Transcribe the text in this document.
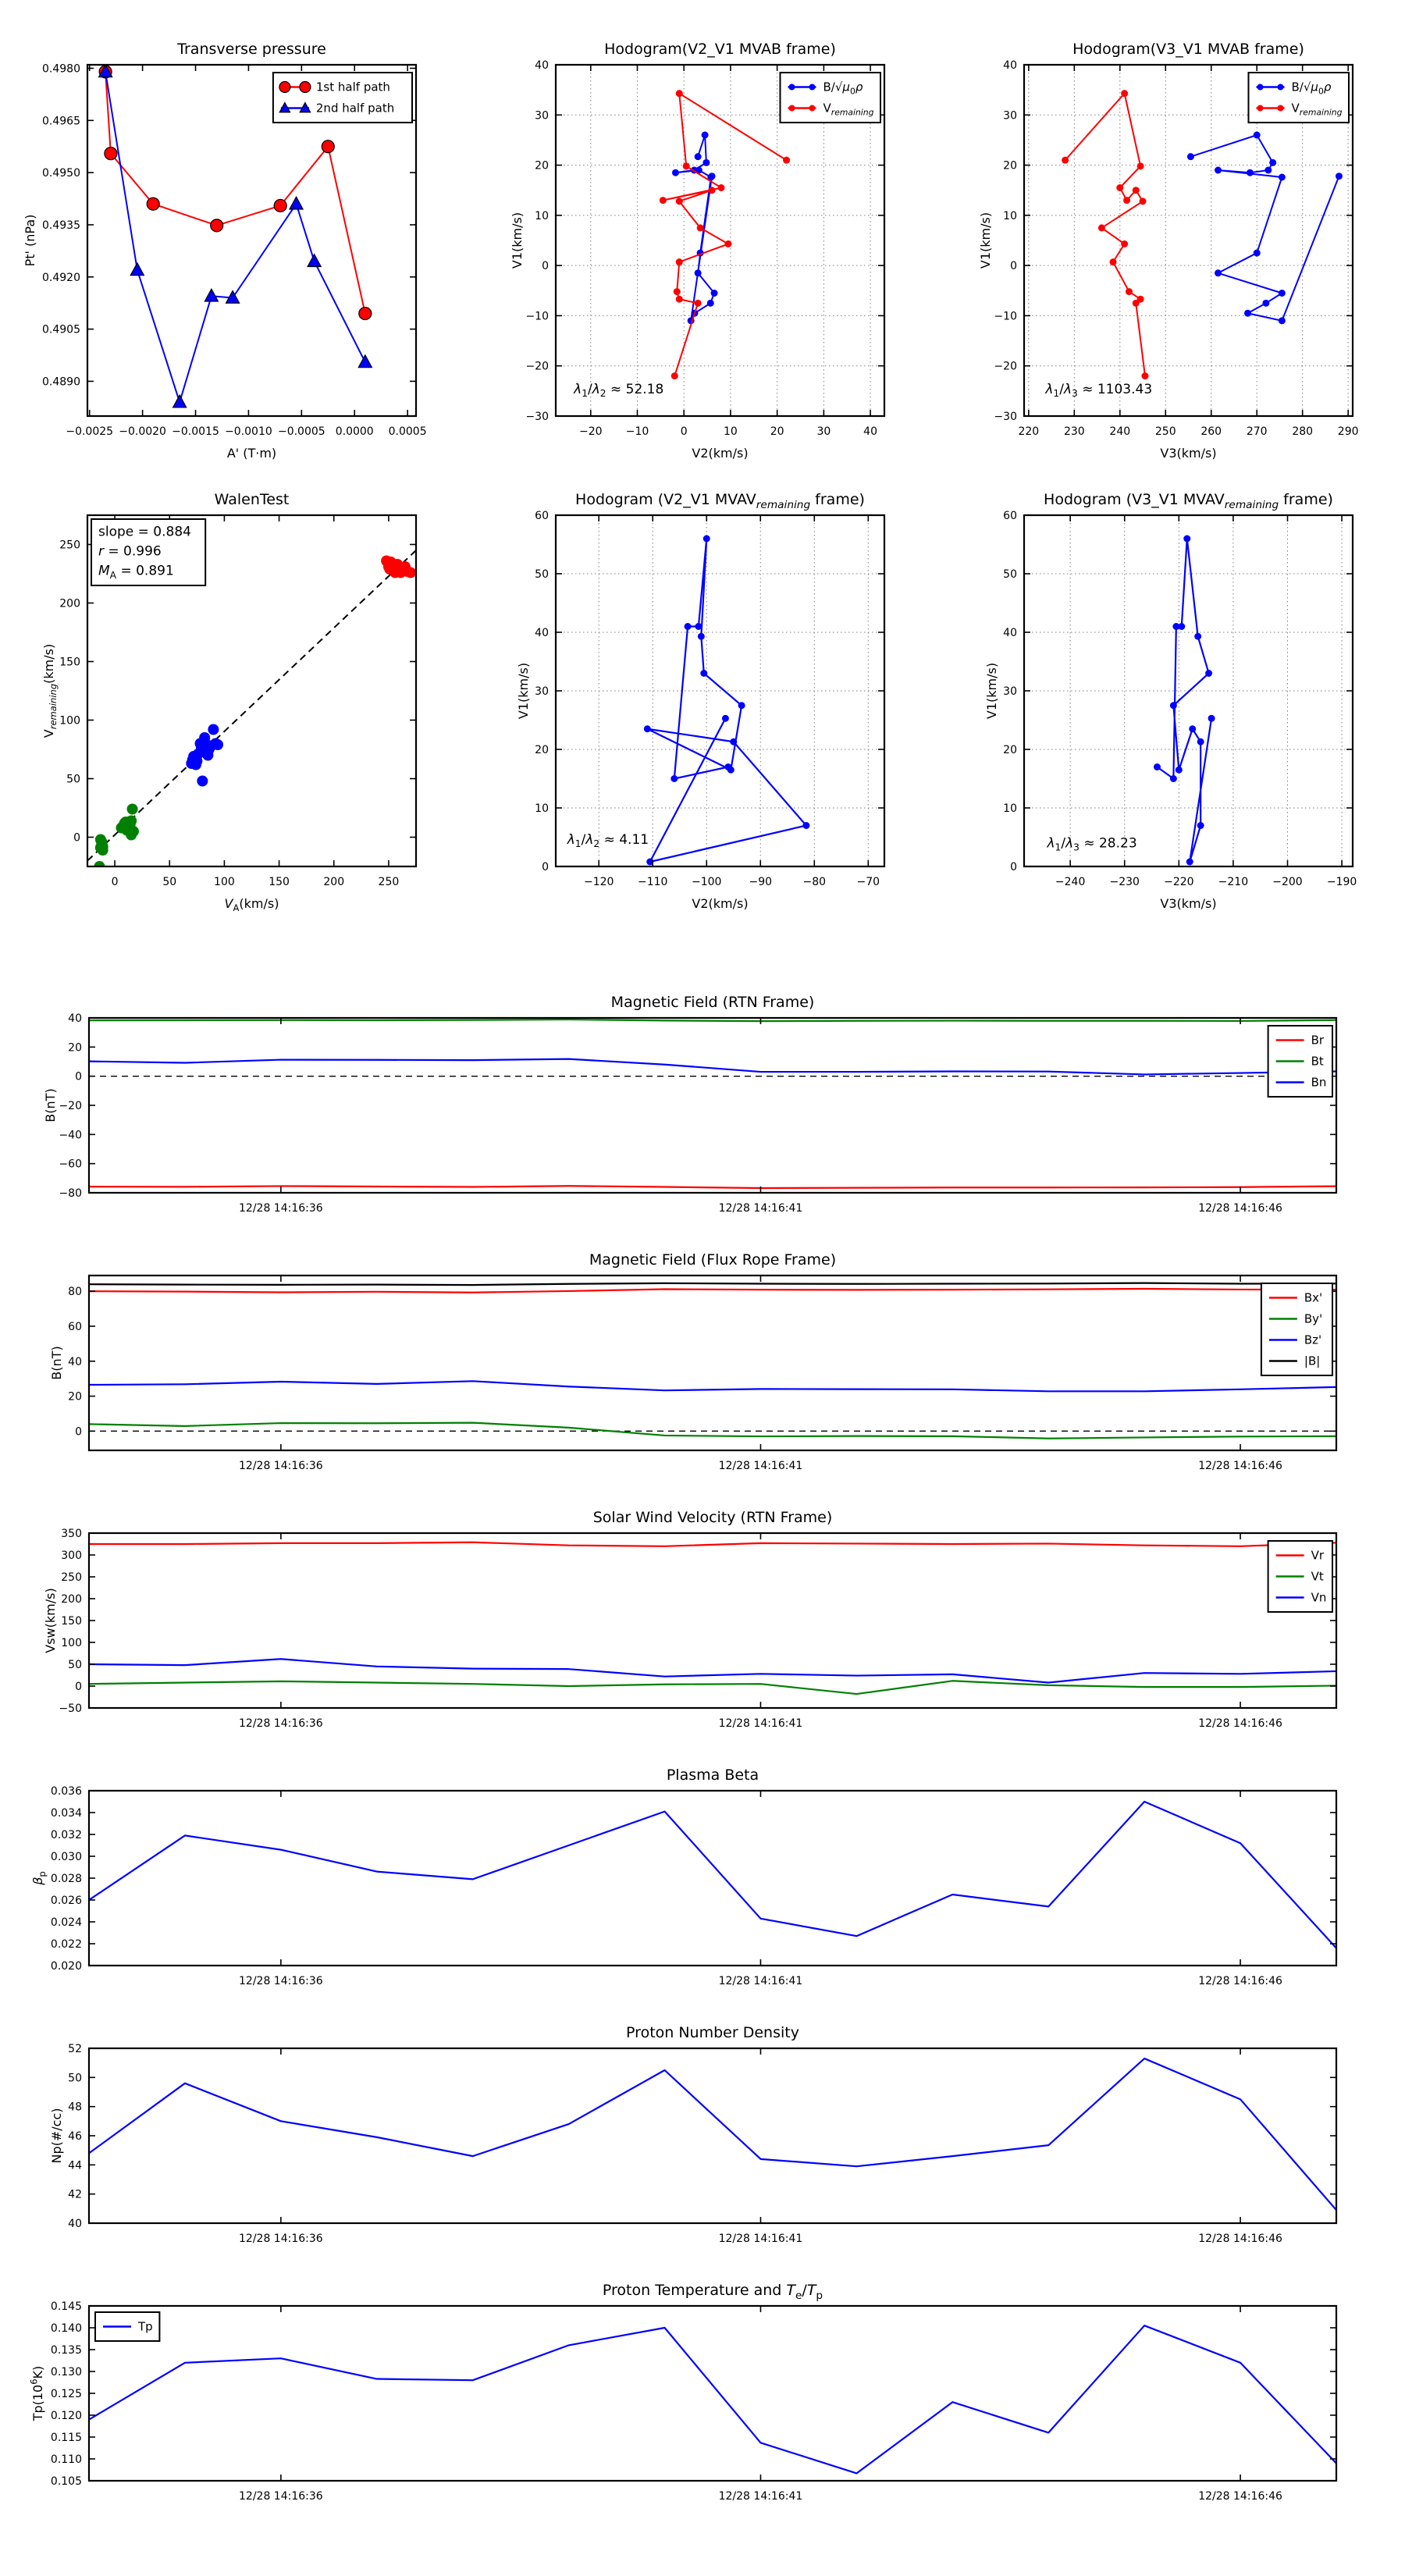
−0.0025 −0.0020 −0.0015 −0.0010 −0.0005 0.0000 0.0005
0.4890
0.4905
0.4920
0.4935
0.4950
0.4965
0.4980
A' (T·m)
Pt' (nPa)
Transverse pressure
1st half path
2nd half path
−20 −10	0	10	20	30	40
−30
−20
−10
0
10
20
30
40
V2(km/s)
V1(km/s)
Hodogram(V2_V1 MVAB frame)
$B/√\mu_0\rho$
$V_{remaining}$
$\lambda_1/\lambda_2 \approx 52.18$
220 230 240 250 260 270 280 290
−30
−20
−10
0
10
20
30
40
V3(km/s)
V1(km/s)
Hodogram(V3_V1 MVAB frame)
$B/√\mu_0\rho$
$V_{remaining}$
$\lambda_1/\lambda_3 \approx 1103.43$
0	50	100	150	200	250
0
50
100
150
200
250
$V_A(km/s)$
$V_{remaining}(km/s)$
WalenTest
slope = 0.884
r = 0.996
$M_A = 0.891$
−120 −110 −100	−90	−80	−70
0
10
20
30
40
50
60
V2(km/s)
V1(km/s)
Hodogram (V2_V1 $MVAV_{remaining}$ frame)
$\lambda_1/\lambda_2 \approx 4.11$
−240 −230 −220 −210 −200 −190
0
10
20
30
40
50
60
V3(km/s)
V1(km/s)
Hodogram (V3_V1 $MVAV_{remaining}$ frame)
$\lambda_1/\lambda_3 \approx 28.23$
12/28 14:16:36	12/28 14:16:41	12/28 14:16:46
−80
−60
−40
−20
0
20
40
B(nT)
Magnetic Field (RTN Frame)
Br
Bt
Bn
12/28 14:16:36	12/28 14:16:41	12/28 14:16:46
0
20
40
60
80
B(nT)
Magnetic Field (Flux Rope Frame)
Bx'
By'
Bz'
|B|
12/28 14:16:36	12/28 14:16:41	12/28 14:16:46
−50
0
50
100
150
200
250
300
350
Vsw(km/s)
Solar Wind Velocity (RTN Frame)
Vr
Vt
Vn
12/28 14:16:36	12/28 14:16:41	12/28 14:16:46
0.020
0.022
0.024
0.026
0.028
0.030
0.032
0.034
0.036
$\beta_p$
Plasma Beta
12/28 14:16:36	12/28 14:16:41	12/28 14:16:46
40
42
44
46
48
50
52
Np(#/cc)
Proton Number Density
12/28 14:16:36	12/28 14:16:41	12/28 14:16:46
0.105
0.110
0.115
0.120
0.125
0.130
0.135
0.140
0.145
$Tp(10^6K)$
Proton Temperature and $T_e/T_p$
Tp
